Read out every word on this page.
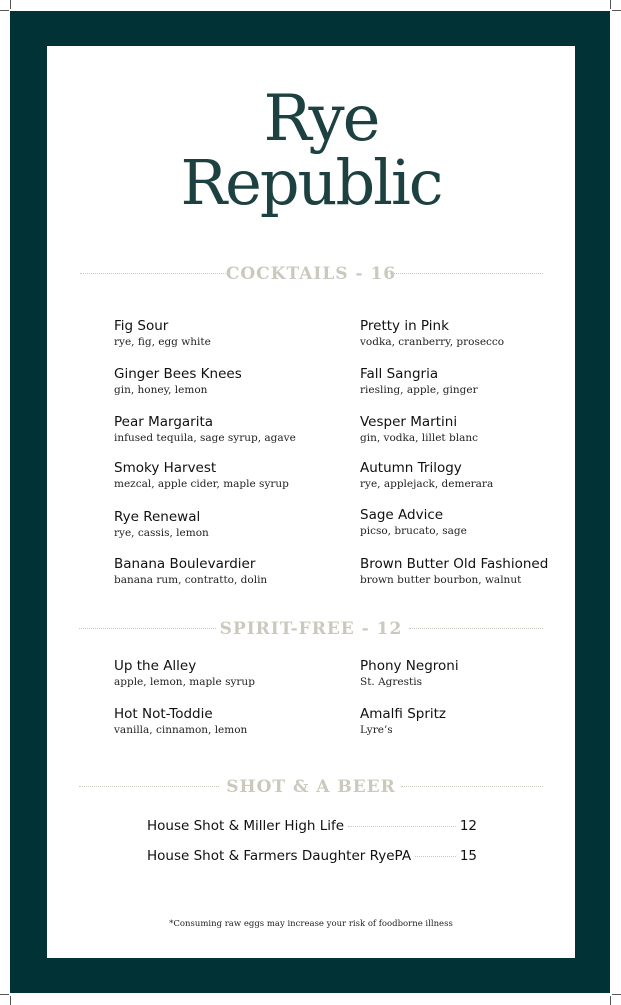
Rye
Republic
COCKTAILS - 16
Fig Sour
rye, fig, egg white
Ginger Bees Knees
gin, honey, lemon
Pear Margarita
infused tequila, sage syrup, agave
Smoky Harvest
mezcal, apple cider, maple syrup
Rye Renewal
rye, cassis, lemon
Banana Boulevardier
banana rum, contratto, dolin
Pretty in Pink
vodka, cranberry, prosecco
Fall Sangria
riesling, apple, ginger
Vesper Martini
gin, vodka, lillet blanc
Autumn Trilogy
rye, applejack, demerara
Sage Advice
picso, brucato, sage
Brown Butter Old Fashioned
brown butter bourbon, walnut
SPIRIT-FREE - 12
Up the Alley
apple, lemon, maple syrup
Hot Not-Toddie
vanilla, cinnamon, lemon
Phony Negroni
St. Agrestis
Amalfi Spritz
Lyre’s
SHOT & A BEER
House Shot & Miller High Life	12
House Shot & Farmers Daughter RyePA	15
*Consuming raw eggs may increase your risk of foodborne illness
